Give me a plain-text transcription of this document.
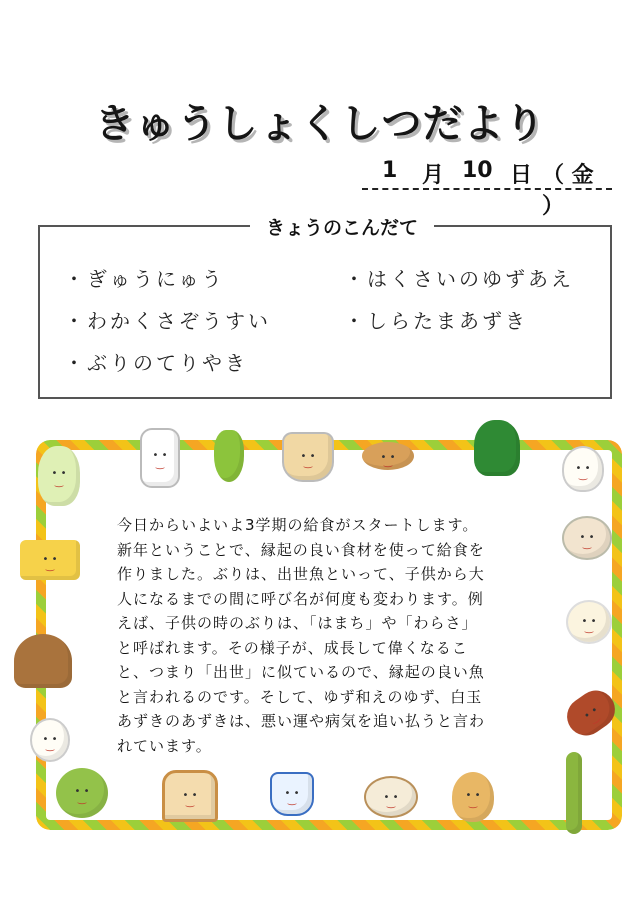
きゅうしょくしつだより
1 月 10 日 （ 金 ）
きょうのこんだて
・ぎゅうにゅう
・わかくさぞうすい
・ぶりのてりやき
・はくさいのゆずあえ
・しらたまあずき
• • ‿
• • ‿
• • ‿
• • ‿
• • ‿
• • ‿
• • ‿
• • ‿
• • ‿
• • ‿
• • ‿
• • ‿
• • ‿
• • ‿
• • ‿
今日からいよいよ3学期の給食がスタートします。
新年ということで、縁起の良い食材を使って給食を
作りました。ぶりは、出世魚といって、子供から大
人になるまでの間に呼び名が何度も変わります。例
えば、子供の時のぶりは、「はまち」や「わらさ」
と呼ばれます。その様子が、成長して偉くなるこ
と、つまり「出世」に似ているので、縁起の良い魚
と言われるのです。そして、ゆず和えのゆず、白玉
あずきのあずきは、悪い運や病気を追い払うと言わ
れています。
